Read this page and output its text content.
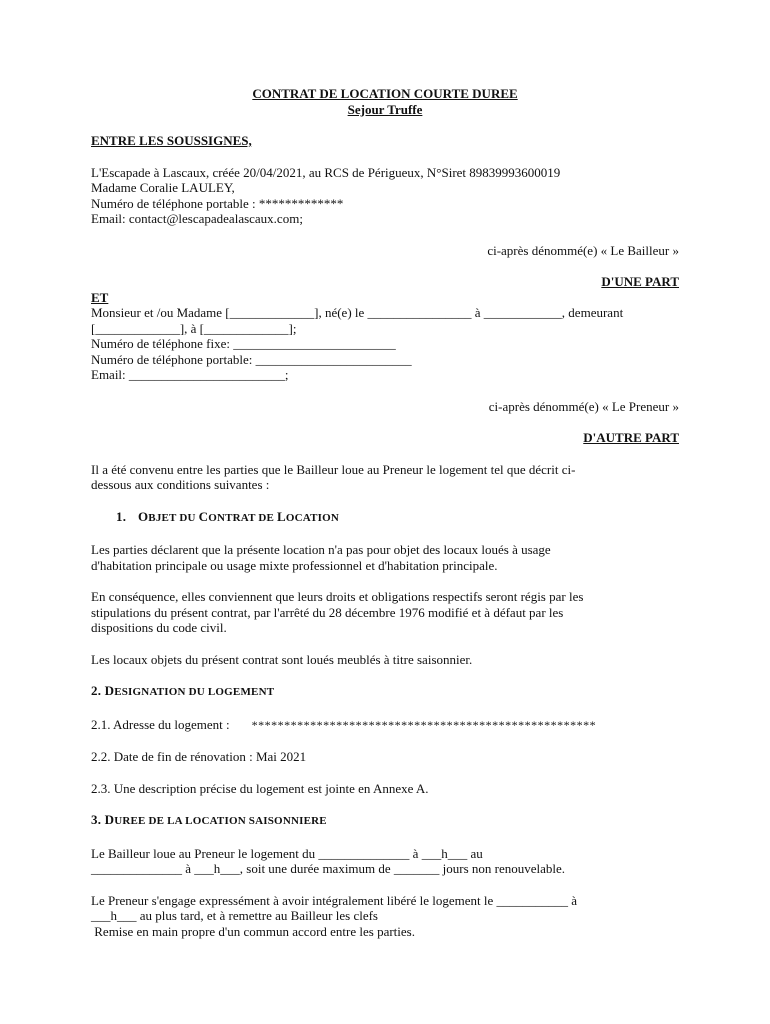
CONTRAT DE LOCATION COURTE DUREE

Sejour Truffe

ENTRE LES SOUSSIGNES,

L'Escapade à Lascaux, créée 20/04/2021, au RCS de Périgueux, N°Siret 89839993600019

Madame Coralie LAULEY,

Numéro de téléphone portable : *************

Email: contact@lescapadealascaux.com;

ci-après dénommé(e) « Le Bailleur »

D'UNE PART

ET

Monsieur et /ou Madame [_____________], né(e) le ________________ à ____________, demeurant

[_____________], à [_____________];

Numéro de téléphone fixe: _________________________

Numéro de téléphone portable: ________________________

Email: ________________________;

ci-après dénommé(e) « Le Preneur »

D'AUTRE PART

Il a été convenu entre les parties que le Bailleur loue au Preneur le logement tel que décrit ci-

dessous aux conditions suivantes :

1. OBJET DU CONTRAT DE LOCATION

Les parties déclarent que la présente location n'a pas pour objet des locaux loués à usage

d'habitation principale ou usage mixte professionnel et d'habitation principale.

En conséquence, elles conviennent que leurs droits et obligations respectifs seront régis par les

stipulations du présent contrat, par l'arrêté du 28 décembre 1976 modifié et à défaut par les

dispositions du code civil.

Les locaux objets du présent contrat sont loués meublés à titre saisonnier.

2. DESIGNATION DU LOGEMENT

2.1. Adresse du logement : *****************************************************

2.2. Date de fin de rénovation : Mai 2021

2.3. Une description précise du logement est jointe en Annexe A.

3. DUREE DE LA LOCATION SAISONNIERE

Le Bailleur loue au Preneur le logement du ______________ à ___h___ au

______________ à ___h___, soit une durée maximum de _______ jours non renouvelable.

Le Preneur s'engage expressément à avoir intégralement libéré le logement le ___________ à

___h___ au plus tard, et à remettre au Bailleur les clefs

Remise en main propre d'un commun accord entre les parties.
